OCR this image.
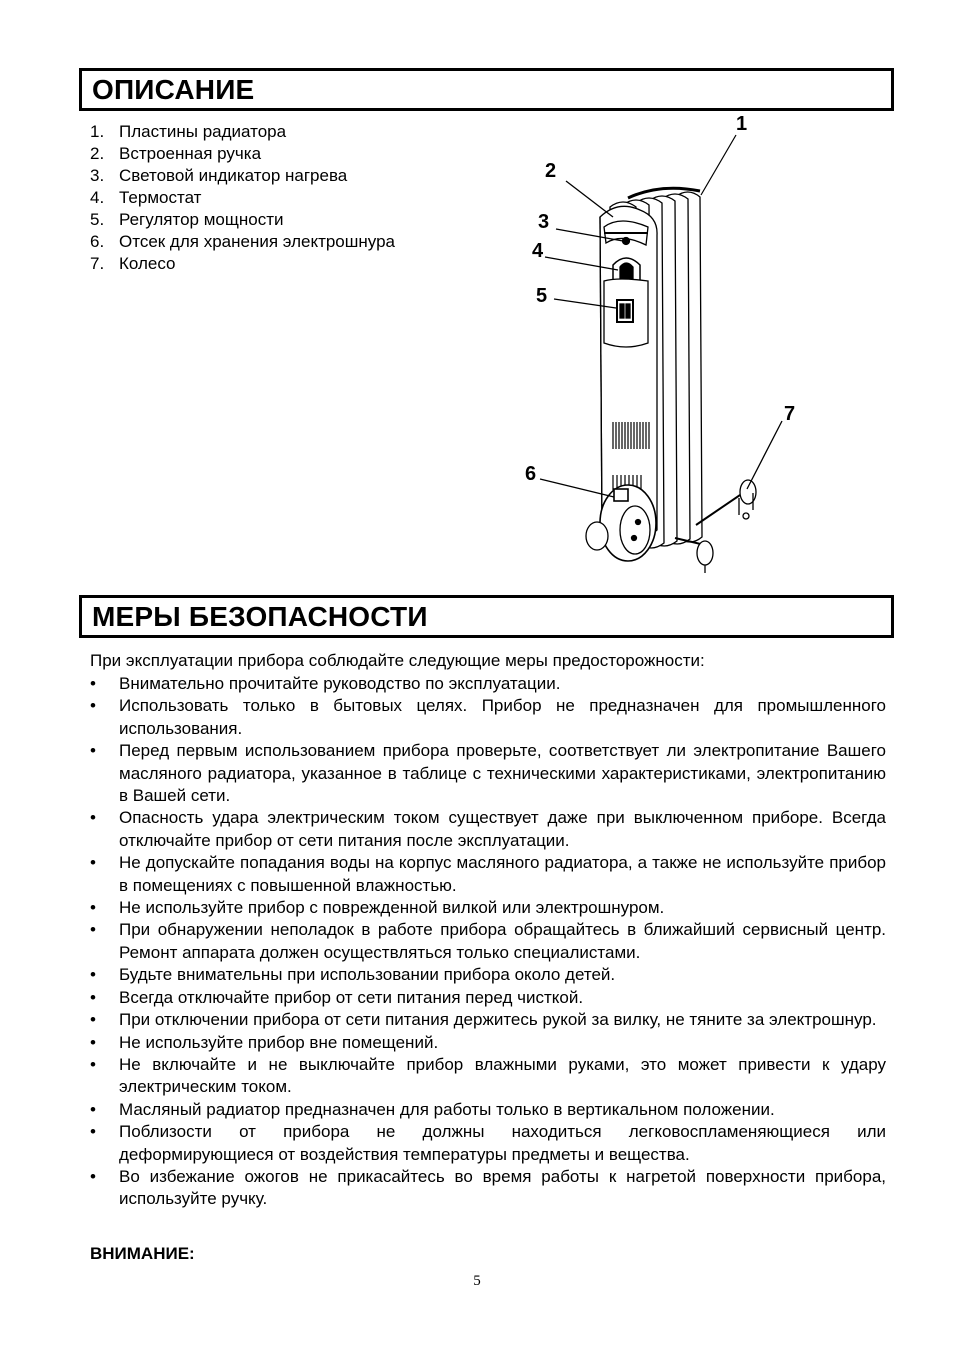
ОПИСАНИЕ
1. Пластины радиатора
2. Встроенная ручка
3. Световой индикатор нагрева
4. Термостат
5. Регулятор мощности
6. Отсек для хранения электрошнура
7. Колесо
1
2
3
4
5
6
7
МЕРЫ БЕЗОПАСНОСТИ
При эксплуатации прибора соблюдайте следующие меры предосторожности:
• Внимательно прочитайте руководство по эксплуатации.
• Использовать только в бытовых целях. Прибор не предназначен для промышленного использования.
• Перед первым использованием прибора проверьте, соответствует ли электропитание Вашего масляного радиатора, указанное в таблице с техническими характеристиками, электропитанию в Вашей сети.
• Опасность удара электрическим током существует даже при выключенном приборе. Всегда отключайте прибор от сети питания после эксплуатации.
• Не допускайте попадания воды на корпус масляного радиатора, а также не используйте прибор в помещениях с повышенной влажностью.
• Не используйте прибор с поврежденной вилкой или электрошнуром.
• При обнаружении неполадок в работе прибора обращайтесь в ближайший сервисный центр. Ремонт аппарата должен осуществляться только специалистами.
• Будьте внимательны при использовании прибора около детей.
• Всегда отключайте прибор от сети питания перед чисткой.
• При отключении прибора от сети питания держитесь рукой за вилку, не тяните за электрошнур.
• Не используйте прибор вне помещений.
• Не включайте и не выключайте прибор влажными руками, это может привести к удару электрическим током.
• Масляный радиатор предназначен для работы только в вертикальном положении.
• Поблизости от прибора не должны находиться легковоспламеняющиеся или деформирующиеся от воздействия температуры предметы и вещества.
• Во избежание ожогов не прикасайтесь во время работы к нагретой поверхности прибора, используйте ручку.
ВНИМАНИЕ:
5
